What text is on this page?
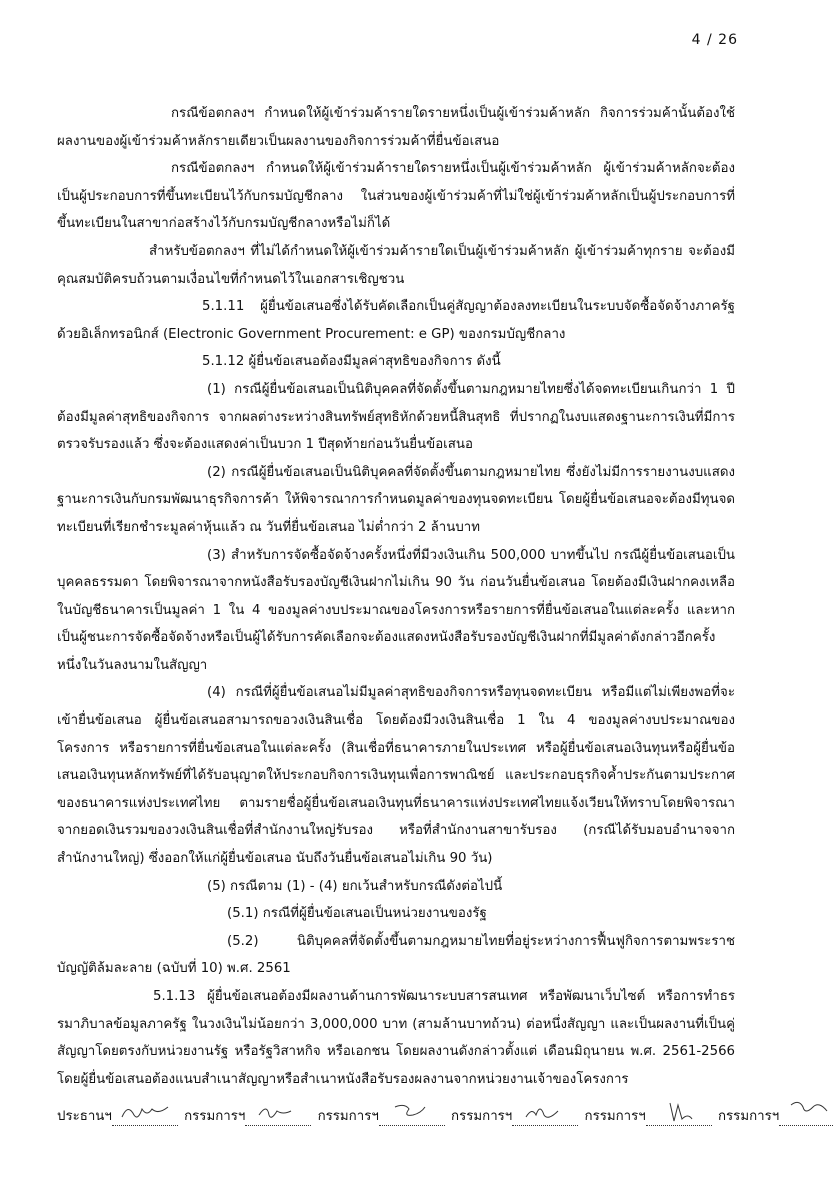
4 / 26

กรณีข้อตกลงฯ กำหนดให้ผู้เข้าร่วมค้ารายใดรายหนึ่งเป็นผู้เข้าร่วมค้าหลัก กิจการร่วมค้านั้นต้องใช้ผลงานของผู้เข้าร่วมค้าหลักรายเดียวเป็นผลงานของกิจการร่วมค้าที่ยื่นข้อเสนอ

กรณีข้อตกลงฯ กำหนดให้ผู้เข้าร่วมค้ารายใดรายหนึ่งเป็นผู้เข้าร่วมค้าหลัก ผู้เข้าร่วมค้าหลักจะต้องเป็นผู้ประกอบการที่ขึ้นทะเบียนไว้กับกรมบัญชีกลาง ในส่วนของผู้เข้าร่วมค้าที่ไม่ใช่ผู้เข้าร่วมค้าหลักเป็นผู้ประกอบการที่ขึ้นทะเบียนในสาขาก่อสร้างไว้กับกรมบัญชีกลางหรือไม่ก็ได้

สำหรับข้อตกลงฯ ที่ไม่ได้กำหนดให้ผู้เข้าร่วมค้ารายใดเป็นผู้เข้าร่วมค้าหลัก ผู้เข้าร่วมค้าทุกราย จะต้องมีคุณสมบัติครบถ้วนตามเงื่อนไขที่กำหนดไว้ในเอกสารเชิญชวน

5.1.11 ผู้ยื่นข้อเสนอซึ่งได้รับคัดเลือกเป็นคู่สัญญาต้องลงทะเบียนในระบบจัดซื้อจัดจ้างภาครัฐด้วยอิเล็กทรอนิกส์ (Electronic Government Procurement: e GP) ของกรมบัญชีกลาง

5.1.12 ผู้ยื่นข้อเสนอต้องมีมูลค่าสุทธิของกิจการ ดังนี้

(1) กรณีผู้ยื่นข้อเสนอเป็นนิติบุคคลที่จัดตั้งขึ้นตามกฎหมายไทยซึ่งได้จดทะเบียนเกินกว่า 1 ปี ต้องมีมูลค่าสุทธิของกิจการ จากผลต่างระหว่างสินทรัพย์สุทธิหักด้วยหนี้สินสุทธิ ที่ปรากฏในงบแสดงฐานะการเงินที่มีการตรวจรับรองแล้ว ซึ่งจะต้องแสดงค่าเป็นบวก 1 ปีสุดท้ายก่อนวันยื่นข้อเสนอ

(2) กรณีผู้ยื่นข้อเสนอเป็นนิติบุคคลที่จัดตั้งขึ้นตามกฎหมายไทย ซึ่งยังไม่มีการรายงานงบแสดงฐานะการเงินกับกรมพัฒนาธุรกิจการค้า ให้พิจารณาการกำหนดมูลค่าของทุนจดทะเบียน โดยผู้ยื่นข้อเสนอจะต้องมีทุนจดทะเบียนที่เรียกชำระมูลค่าหุ้นแล้ว ณ วันที่ยื่นข้อเสนอ ไม่ต่ำกว่า 2 ล้านบาท

(3) สำหรับการจัดซื้อจัดจ้างครั้งหนึ่งที่มีวงเงินเกิน 500,000 บาทขึ้นไป กรณีผู้ยื่นข้อเสนอเป็นบุคคลธรรมดา โดยพิจารณาจากหนังสือรับรองบัญชีเงินฝากไม่เกิน 90 วัน ก่อนวันยื่นข้อเสนอ โดยต้องมีเงินฝากคงเหลือในบัญชีธนาคารเป็นมูลค่า 1 ใน 4 ของมูลค่างบประมาณของโครงการหรือรายการที่ยื่นข้อเสนอในแต่ละครั้ง และหากเป็นผู้ชนะการจัดซื้อจัดจ้างหรือเป็นผู้ได้รับการคัดเลือกจะต้องแสดงหนังสือรับรองบัญชีเงินฝากที่มีมูลค่าดังกล่าวอีกครั้งหนึ่งในวันลงนามในสัญญา

(4) กรณีที่ผู้ยื่นข้อเสนอไม่มีมูลค่าสุทธิของกิจการหรือทุนจดทะเบียน หรือมีแต่ไม่เพียงพอที่จะเข้ายื่นข้อเสนอ ผู้ยื่นข้อเสนอสามารถขอวงเงินสินเชื่อ โดยต้องมีวงเงินสินเชื่อ 1 ใน 4 ของมูลค่างบประมาณของโครงการ หรือรายการที่ยื่นข้อเสนอในแต่ละครั้ง (สินเชื่อที่ธนาคารภายในประเทศ หรือผู้ยื่นข้อเสนอเงินทุนหรือผู้ยื่นข้อเสนอเงินทุนหลักทรัพย์ที่ได้รับอนุญาตให้ประกอบกิจการเงินทุนเพื่อการพาณิชย์ และประกอบธุรกิจค้ำประกันตามประกาศของธนาคารแห่งประเทศไทย ตามรายชื่อผู้ยื่นข้อเสนอเงินทุนที่ธนาคารแห่งประเทศไทยแจ้งเวียนให้ทราบโดยพิจารณาจากยอดเงินรวมของวงเงินสินเชื่อที่สำนักงานใหญ่รับรอง หรือที่สำนักงานสาขารับรอง (กรณีได้รับมอบอำนาจจากสำนักงานใหญ่) ซึ่งออกให้แก่ผู้ยื่นข้อเสนอ นับถึงวันยื่นข้อเสนอไม่เกิน 90 วัน)

(5) กรณีตาม (1) - (4) ยกเว้นสำหรับกรณีดังต่อไปนี้

(5.1) กรณีที่ผู้ยื่นข้อเสนอเป็นหน่วยงานของรัฐ

(5.2) นิติบุคคลที่จัดตั้งขึ้นตามกฎหมายไทยที่อยู่ระหว่างการฟื้นฟูกิจการตามพระราชบัญญัติล้มละลาย (ฉบับที่ 10) พ.ศ. 2561

5.1.13 ผู้ยื่นข้อเสนอต้องมีผลงานด้านการพัฒนาระบบสารสนเทศ หรือพัฒนาเว็บไซต์ หรือการทำธรรมาภิบาลข้อมูลภาครัฐ ในวงเงินไม่น้อยกว่า 3,000,000 บาท (สามล้านบาทถ้วน) ต่อหนึ่งสัญญา และเป็นผลงานที่เป็นคู่สัญญาโดยตรงกับหน่วยงานรัฐ หรือรัฐวิสาหกิจ หรือเอกชน โดยผลงานดังกล่าวตั้งแต่ เดือนมิถุนายน พ.ศ. 2561-2566 โดยผู้ยื่นข้อเสนอต้องแนบสำเนาสัญญาหรือสำเนาหนังสือรับรองผลงานจากหน่วยงานเจ้าของโครงการ

ประธานฯ	กรรมการฯ	กรรมการฯ	กรรมการฯ	กรรมการฯ	กรรมการฯ
